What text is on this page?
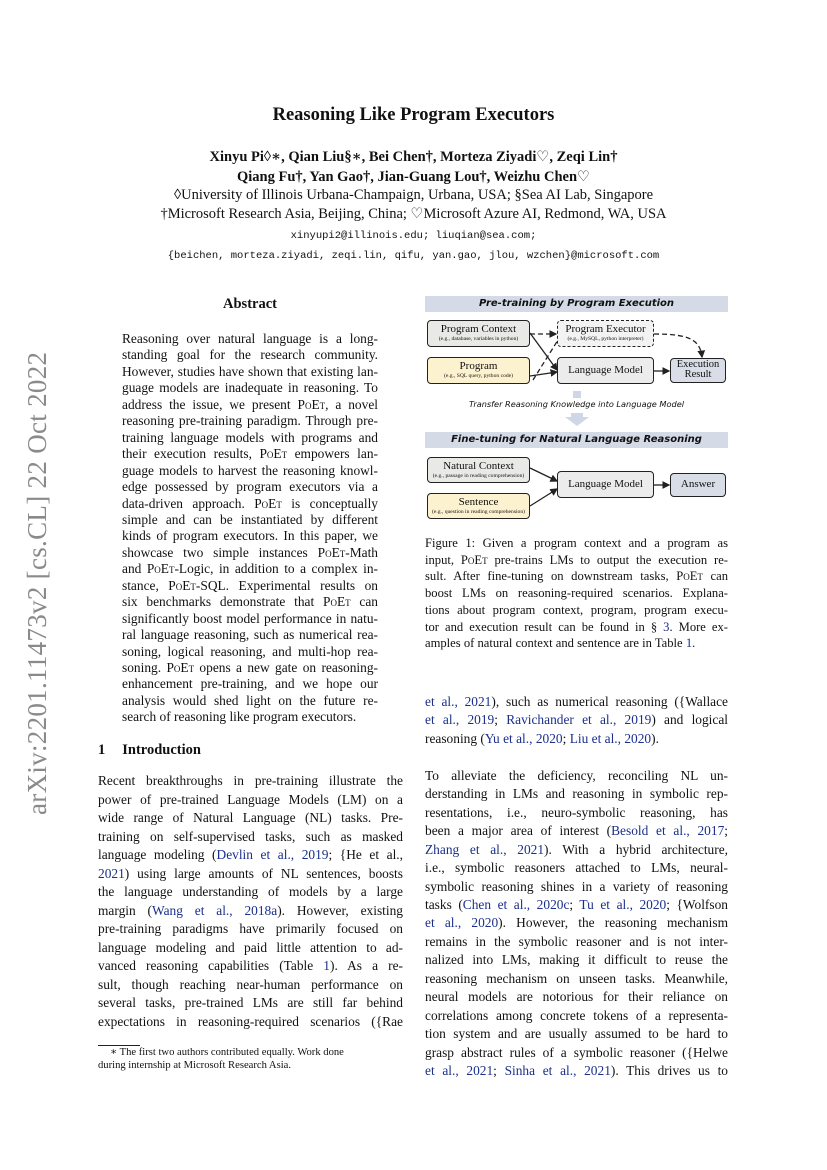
arXiv:2201.11473v2 [cs.CL] 22 Oct 2022
Reasoning Like Program Executors
Xinyu Pi◊∗, Qian Liu§∗, Bei Chen†, Morteza Ziyadi♡, Zeqi Lin†
Qiang Fu†, Yan Gao†, Jian-Guang Lou†, Weizhu Chen♡
◊University of Illinois Urbana-Champaign, Urbana, USA; §Sea AI Lab, Singapore
†Microsoft Research Asia, Beijing, China; ♡Microsoft Azure AI, Redmond, WA, USA
xinyupi2@illinois.edu; liuqian@sea.com;
{beichen, morteza.ziyadi, zeqi.lin, qifu, yan.gao, jlou, wzchen}@microsoft.com
Abstract
Reasoning over natural language is a long-
standing goal for the research community.
However, studies have shown that existing lan-
guage models are inadequate in reasoning. To
address the issue, we present PoEt, a novel
reasoning pre-training paradigm. Through pre-
training language models with programs and
their execution results, PoEt empowers lan-
guage models to harvest the reasoning knowl-
edge possessed by program executors via a
data-driven approach. PoEt is conceptually
simple and can be instantiated by different
kinds of program executors. In this paper, we
showcase two simple instances PoEt-Math
and PoEt-Logic, in addition to a complex in-
stance, PoEt-SQL. Experimental results on
six benchmarks demonstrate that PoEt can
significantly boost model performance in natu-
ral language reasoning, such as numerical rea-
soning, logical reasoning, and multi-hop rea-
soning. PoEt opens a new gate on reasoning-
enhancement pre-training, and we hope our
analysis would shed light on the future re-
search of reasoning like program executors.
1 Introduction
Recent breakthroughs in pre-training illustrate the
power of pre-trained Language Models (LM) on a
wide range of Natural Language (NL) tasks. Pre-
training on self-supervised tasks, such as masked
language modeling (Devlin et al., 2019; {He et al.,
2021) using large amounts of NL sentences, boosts
the language understanding of models by a large
margin (Wang et al., 2018a). However, existing
pre-training paradigms have primarily focused on
language modeling and paid little attention to ad-
vanced reasoning capabilities (Table 1). As a re-
sult, though reaching near-human performance on
several tasks, pre-trained LMs are still far behind
expectations in reasoning-required scenarios ({Rae
∗ The first two authors contributed equally. Work done
during internship at Microsoft Research Asia.
Pre-training by Program Execution
Program Context
(e.g., database, variables in python)
Program
(e.g., SQL query, python code)
Program Executor
(e.g., MySQL, python interpreter)
Language Model	Execution Result
Transfer Reasoning Knowledge into Language Model
Fine-tuning for Natural Language Reasoning
Natural Context
(e.g., passage in reading comprehension)
Sentence
(e.g., question in reading comprehension)
Language Model	Answer
Figure 1: Given a program context and a program as
input, PoEt pre-trains LMs to output the execution re-
sult. After fine-tuning on downstream tasks, PoEt can
boost LMs on reasoning-required scenarios. Explana-
tions about program context, program, program execu-
tor and execution result can be found in § 3. More ex-
amples of natural context and sentence are in Table 1.
et al., 2021), such as numerical reasoning ({Wallace
et al., 2019; Ravichander et al., 2019) and logical
reasoning (Yu et al., 2020; Liu et al., 2020).
To alleviate the deficiency, reconciling NL un-
derstanding in LMs and reasoning in symbolic rep-
resentations, i.e., neuro-symbolic reasoning, has
been a major area of interest (Besold et al., 2017;
Zhang et al., 2021). With a hybrid architecture,
i.e., symbolic reasoners attached to LMs, neural-
symbolic reasoning shines in a variety of reasoning
tasks (Chen et al., 2020c; Tu et al., 2020; {Wolfson
et al., 2020). However, the reasoning mechanism
remains in the symbolic reasoner and is not inter-
nalized into LMs, making it difficult to reuse the
reasoning mechanism on unseen tasks. Meanwhile,
neural models are notorious for their reliance on
correlations among concrete tokens of a representa-
tion system and are usually assumed to be hard to
grasp abstract rules of a symbolic reasoner ({Helwe
et al., 2021; Sinha et al., 2021). This drives us to
